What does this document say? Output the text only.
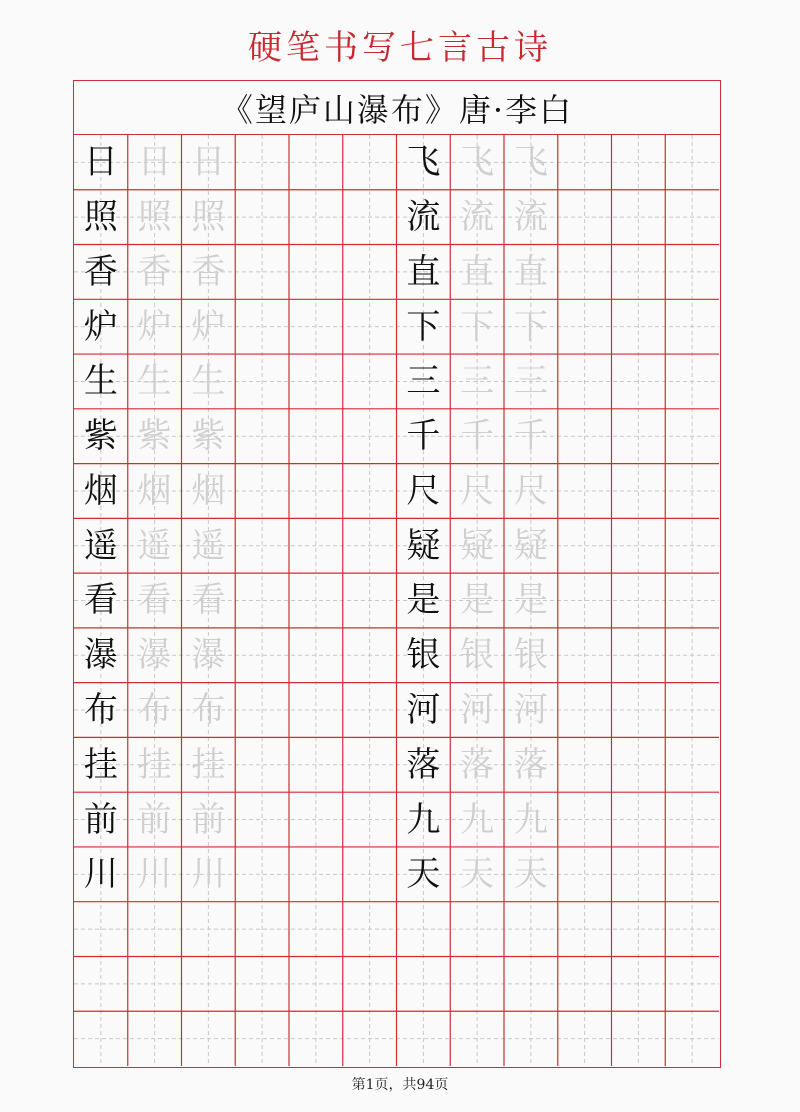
硬笔书写七言古诗
《望庐山瀑布》唐·李白
日 日 日
照 照 照
香 香 香
炉 炉 炉
生 生 生
紫 紫 紫
烟 烟 烟
遥 遥 遥
看 看 看
瀑 瀑 瀑
布 布 布
挂 挂 挂
前 前 前
川 川 川
飞 飞 飞
流 流 流
直 直 直
下 下 下
三 三 三
千 千 千
尺 尺 尺
疑 疑 疑
是 是 是
银 银 银
河 河 河
落 落 落
九 九 九
天 天 天
第1页，共94页
